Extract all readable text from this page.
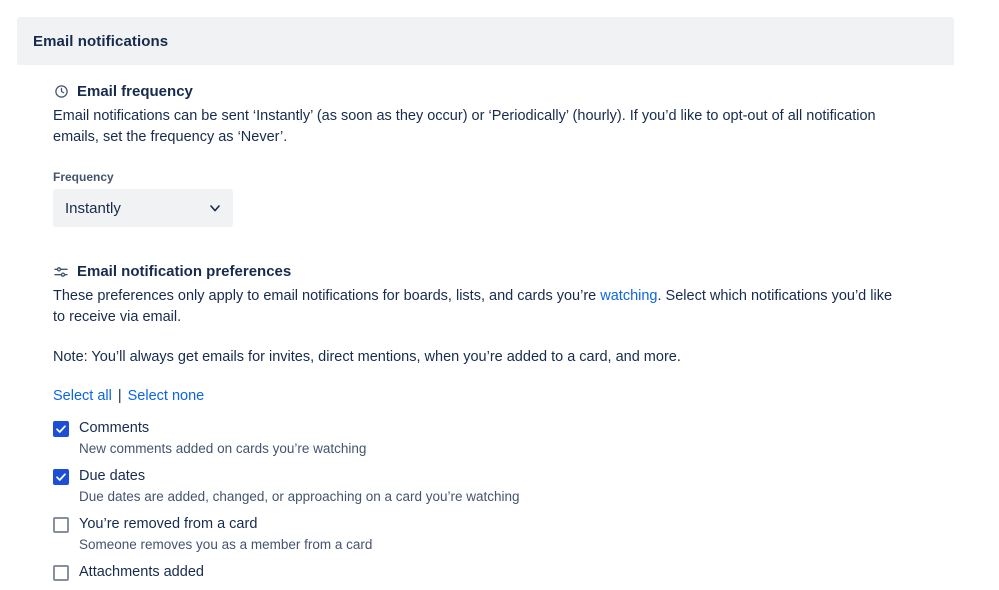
Email notifications
Email frequency

Email notifications can be sent ‘Instantly’ (as soon as they occur) or ‘Periodically’ (hourly). If you’d like to opt-out of all notification emails, set the frequency as ‘Never’.

Frequency
Instantly
Email notification preferences

These preferences only apply to email notifications for boards, lists, and cards you’re watching. Select which notifications you’d like to receive via email.

Note: You’ll always get emails for invites, direct mentions, when you’re added to a card, and more.

Select all | Select none
Comments
New comments added on cards you’re watching
Due dates
Due dates are added, changed, or approaching on a card you’re watching
You’re removed from a card
Someone removes you as a member from a card
Attachments added
